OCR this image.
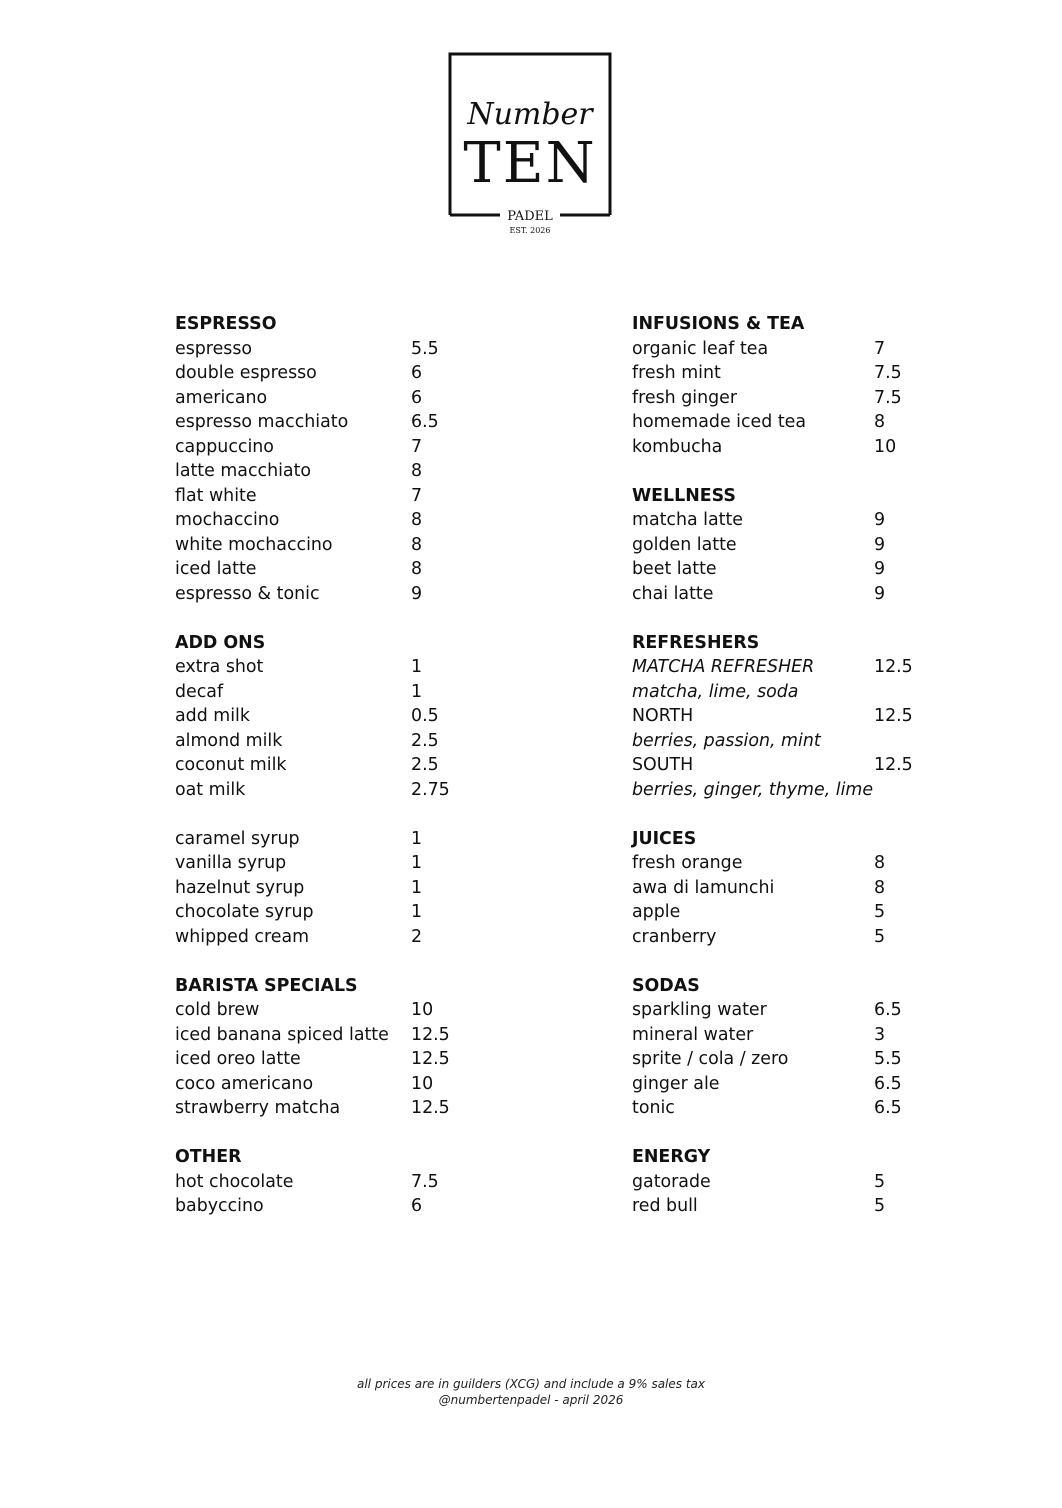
Number
TEN
PADEL
EST. 2026
ESPRESSO
espresso	5.5
double espresso	6
americano	6
espresso macchiato	6.5
cappuccino	7
latte macchiato	8
flat white	7
mochaccino	8
white mochaccino	8
iced latte	8
espresso & tonic	9
ADD ONS
extra shot	1
decaf	1
add milk	0.5
almond milk	2.5
coconut milk	2.5
oat milk	2.75
caramel syrup	1
vanilla syrup	1
hazelnut syrup	1
chocolate syrup	1
whipped cream	2
BARISTA SPECIALS
cold brew	10
iced banana spiced latte 12.5
iced oreo latte	12.5
coco americano	10
strawberry matcha	12.5
OTHER
hot chocolate	7.5
babyccino	6
INFUSIONS & TEA
organic leaf tea	7
fresh mint	7.5
fresh ginger	7.5
homemade iced tea	8
kombucha	10
WELLNESS
matcha latte	9
golden latte	9
beet latte	9
chai latte	9
REFRESHERS
MATCHA REFRESHER	12.5
matcha, lime, soda
NORTH	12.5
berries, passion, mint
SOUTH	12.5
berries, ginger, thyme, lime
JUICES
fresh orange	8
awa di lamunchi	8
apple	5
cranberry	5
SODAS
sparkling water	6.5
mineral water	3
sprite / cola / zero	5.5
ginger ale	6.5
tonic	6.5
ENERGY
gatorade	5
red bull	5
all prices are in guilders (XCG) and include a 9% sales tax
@numbertenpadel - april 2026
